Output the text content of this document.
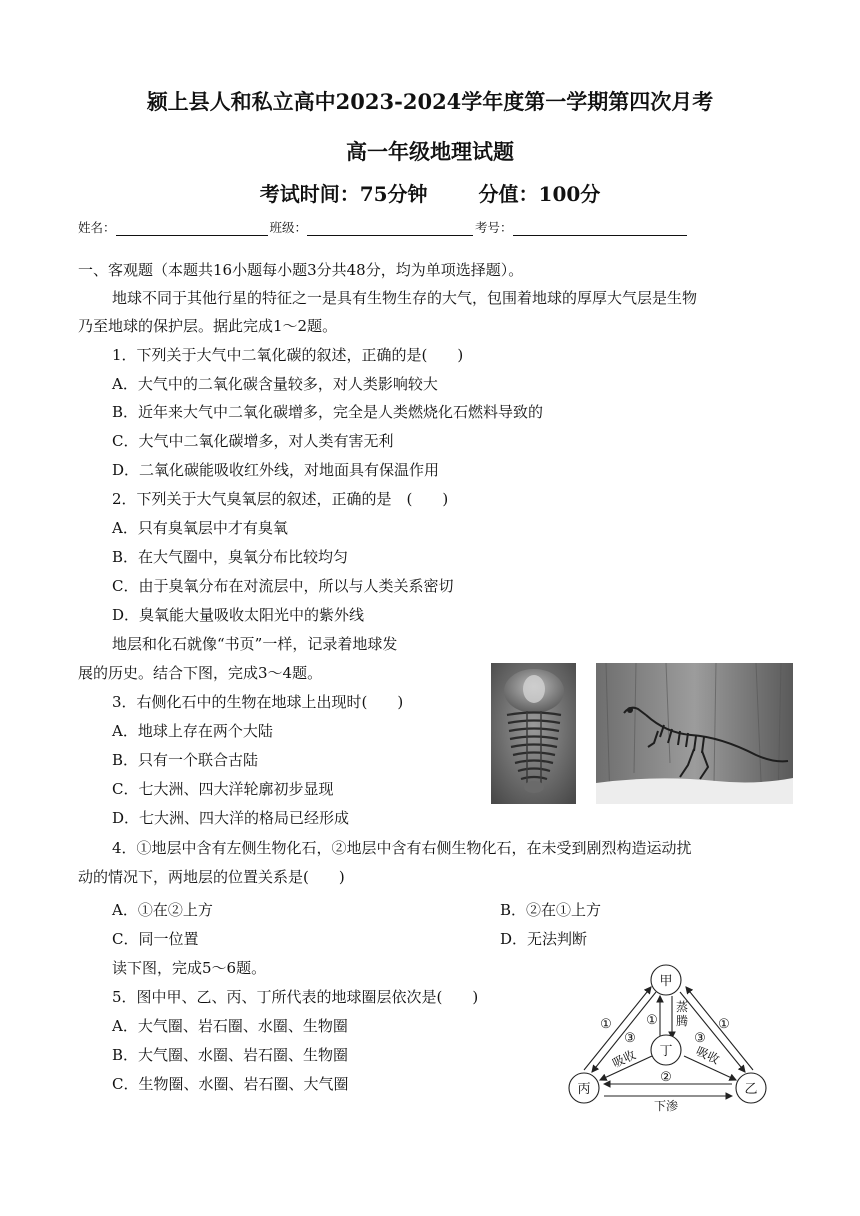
颍上县人和私立高中2023-2024学年度第一学期第四次月考
高一年级地理试题
考试时间：75分钟	分值：100分
姓名：	班级：	考号：
一、客观题（本题共16小题每小题3分共48分，均为单项选择题）。
地球不同于其他行星的特征之一是具有生物生存的大气，包围着地球的厚厚大气层是生物
乃至地球的保护层。据此完成1～2题。
1．下列关于大气中二氧化碳的叙述，正确的是(　　)
A．大气中的二氧化碳含量较多，对人类影响较大
B．近年来大气中二氧化碳增多，完全是人类燃烧化石燃料导致的
C．大气中二氧化碳增多，对人类有害无利
D．二氧化碳能吸收红外线，对地面具有保温作用
2．下列关于大气臭氧层的叙述，正确的是　(　　)
A．只有臭氧层中才有臭氧
B．在大气圈中，臭氧分布比较均匀
C．由于臭氧分布在对流层中，所以与人类关系密切
D．臭氧能大量吸收太阳光中的紫外线
地层和化石就像“书页”一样，记录着地球发
展的历史。结合下图，完成3～4题。
3．右侧化石中的生物在地球上出现时(　　)
A．地球上存在两个大陆
B．只有一个联合古陆
C．七大洲、四大洋轮廓初步显现
D．七大洲、四大洋的格局已经形成
4．①地层中含有左侧生物化石，②地层中含有右侧生物化石，在未受到剧烈构造运动扰
动的情况下，两地层的位置关系是(　　)
A．①在②上方	B．②在①上方
C．同一位置	D．无法判断
读下图，完成5～6题。
5．图中甲、乙、丙、丁所代表的地球圈层依次是(　　)
A．大气圈、岩石圈、水圈、生物圈
B．大气圈、水圈、岩石圈、生物圈
C．生物圈、水圈、岩石圈、大气圈
甲
丁
丙	乙
①
③
①	①
③
②
蒸腾
吸收	吸收
下渗
